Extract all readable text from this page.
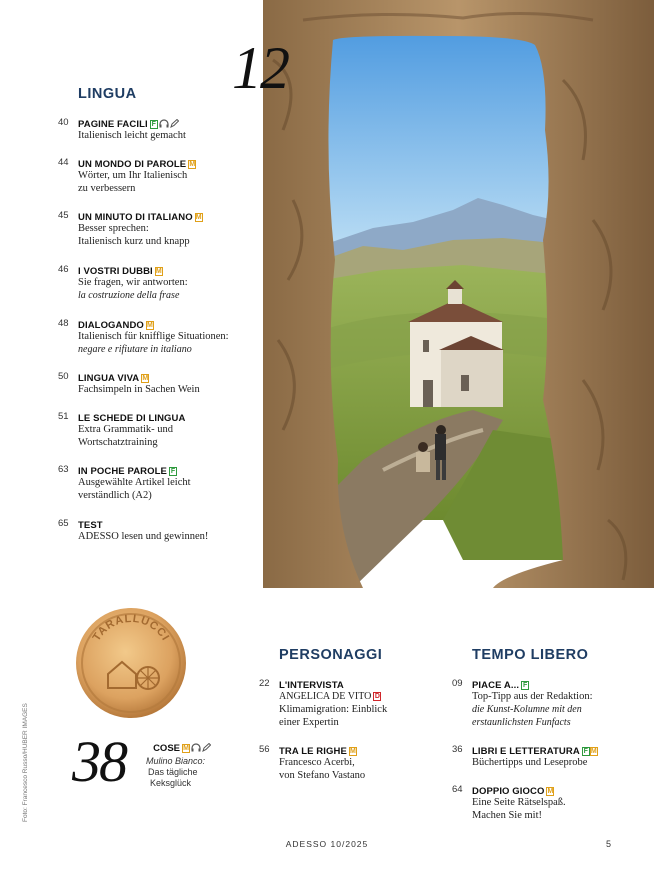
12
LINGUA
40 PAGINE FACILI F
Italienisch leicht gemacht
44 UN MONDO DI PAROLE M
Wörter, um Ihr Italienisch
zu verbessern
45 UN MINUTO DI ITALIANO M
Besser sprechen:
Italienisch kurz und knapp
46 I VOSTRI DUBBI M
Sie fragen, wir antworten:
la costruzione della frase
48 DIALOGANDO M
Italienisch für knifflige Situationen:
negare e rifiutare in italiano
50 LINGUA VIVA M
Fachsimpeln in Sachen Wein
51 LE SCHEDE DI LINGUA
Extra Grammatik- und
Wortschatztraining
63 IN POCHE PAROLE F
Ausgewählte Artikel leicht
verständlich (A2)
65 TEST
ADESSO lesen und gewinnen!
TARALLUCCI
38	COSE M
Mulino Bianco:
Das tägliche
Keksglück
PERSONAGGI
22 L'INTERVISTA
ANGELICA DE VITO D
Klimamigration: Einblick
einer Expertin
56 TRA LE RIGHE M
Francesco Acerbi,
von Stefano Vastano
TEMPO LIBERO
09 PIACE A... F
Top-Tipp aus der Redaktion:
die Kunst-Kolumne mit den
erstaunlichsten Funfacts
36 LIBRI E LETTERATURA F M
Büchertipps und Leseprobe
64 DOPPIO GIOCO M
Eine Seite Rätselspaß.
Machen Sie mit!
Foto: Francesco Russo/HUBER IMAGES
ADESSO 10/2025	5
